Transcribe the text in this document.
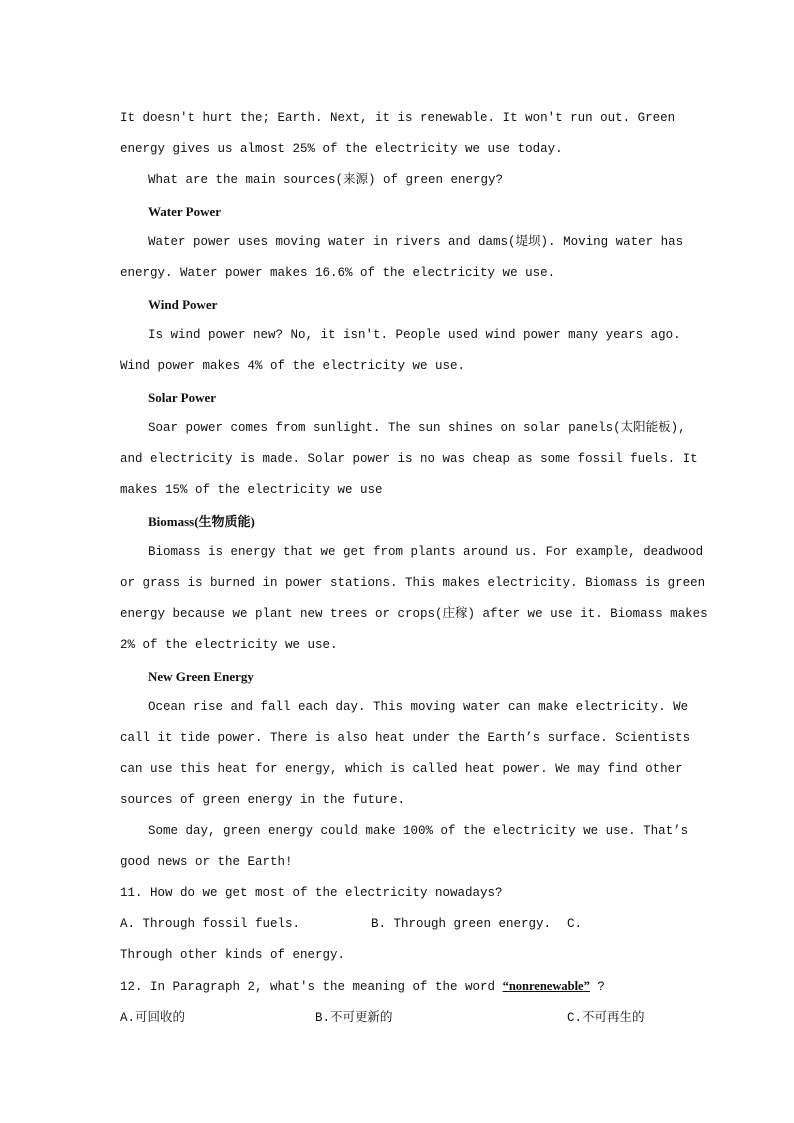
It doesn't hurt the; Earth. Next, it is renewable. It won't run out. Green
energy gives us almost 25% of the electricity we use today.
What are the main sources(来源) of green energy?
Water Power
Water power uses moving water in rivers and dams(堤坝). Moving water has
energy. Water power makes 16.6% of the electricity we use.
Wind Power
Is wind power new? No, it isn't. People used wind power many years ago.
Wind power makes 4% of the electricity we use.
Solar Power
Soar power comes from sunlight. The sun shines on solar panels(太阳能板),
and electricity is made. Solar power is no was cheap as some fossil fuels. It
makes 15% of the electricity we use
Biomass(生物质能)
Biomass is energy that we get from plants around us. For example, deadwood
or grass is burned in power stations. This makes electricity. Biomass is green
energy because we plant new trees or crops(庄稼) after we use it. Biomass makes
2% of the electricity we use.
New Green Energy
Ocean rise and fall each day. This moving water can make electricity. We
call it tide power. There is also heat under the Earth’s surface. Scientists
can use this heat for energy, which is called heat power. We may find other
sources of green energy in the future.
Some day, green energy could make 100% of the electricity we use. That’s
good news or the Earth!
11. How do we get most of the electricity nowadays?
A. Through fossil fuels.	B. Through green energy.	C.
Through other kinds of energy.
12. In Paragraph 2, what's the meaning of the word “nonrenewable” ?
A.可回收的	B.不可更新的	C.不可再生的
